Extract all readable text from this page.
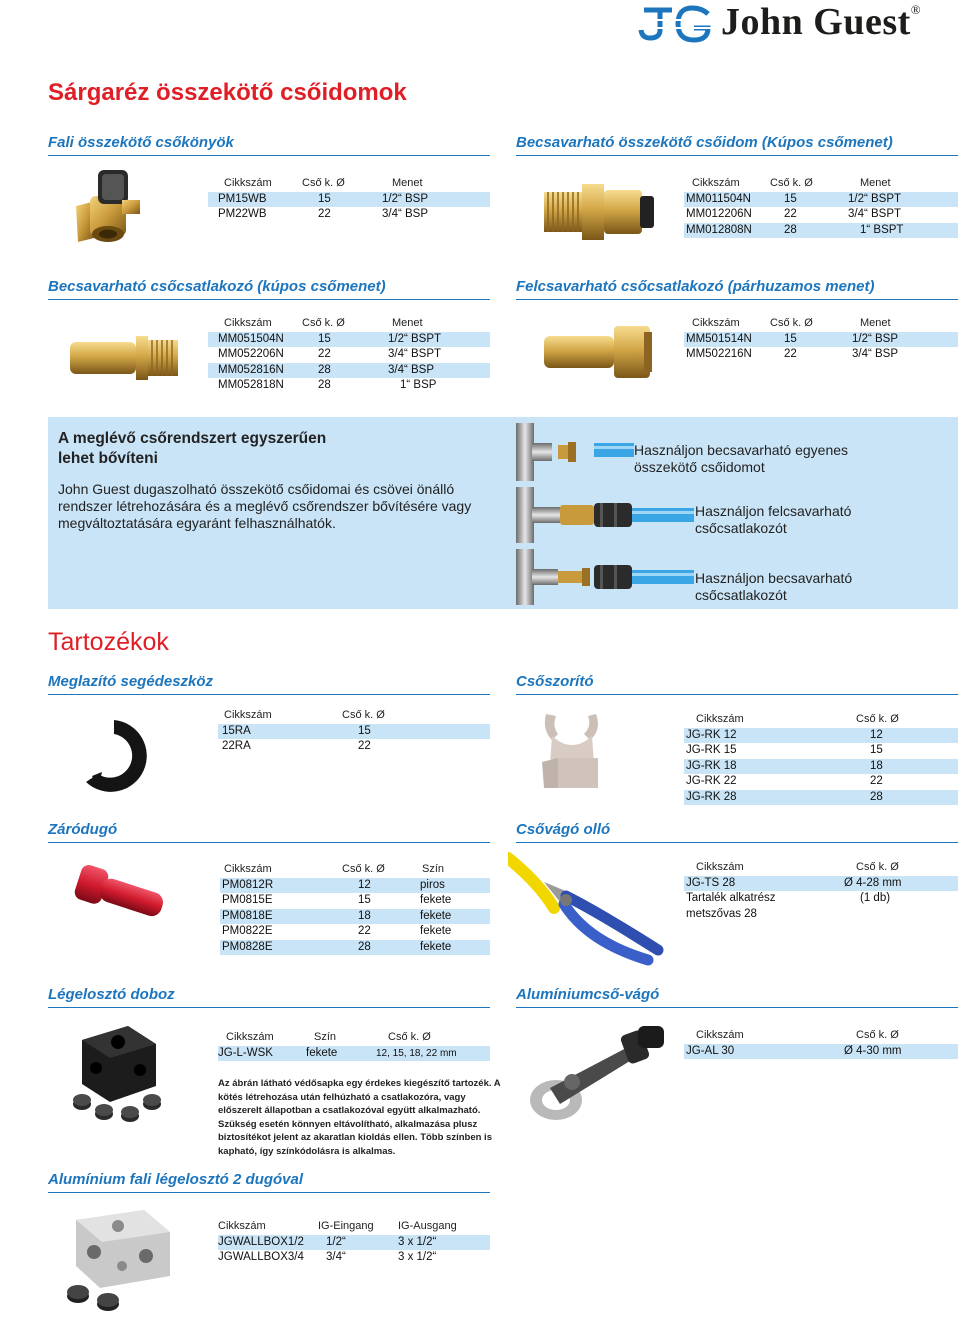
John Guest®
Sárgaréz összekötő csőidomok
Fali összekötő csőkönyök
Cikkszám	Cső k. Ø	Menet
PM15WB	15	1/2“ BSP
PM22WB	22	3/4“ BSP
Becsavarható összekötő csőidom (Kúpos csőmenet)
Cikkszám	Cső k. Ø	Menet
MM011504N	15	1/2“ BSPT
MM012206N	22	3/4“ BSPT
MM012808N	28	1“ BSPT
Becsavarható csőcsatlakozó (kúpos csőmenet)
Cikkszám	Cső k. Ø	Menet
MM051504N	15	1/2“ BSPT
MM052206N	22	3/4“ BSPT
MM052816N	28	3/4“ BSP
MM052818N	28	1“ BSP
Felcsavarható csőcsatlakozó (párhuzamos menet)
Cikkszám	Cső k. Ø	Menet
MM501514N	15	1/2“ BSP
MM502216N	22	3/4“ BSP
A meglévő csőrendszert egyszerűen
lehet bővíteni
John Guest dugaszolható összekötő csőidomai és csövei önálló rendszer létrehozására és a meglévő csőrendszer bővítésére vagy megváltoztatására egyaránt felhasználhatók.
Használjon becsavarható egyenes
összekötő csőidomot
Használjon felcsavarható
csőcsatlakozót
Használjon becsavarható
csőcsatlakozót
Tartozékok
Meglazító segédeszköz
Cikkszám	Cső k. Ø
15RA	15
22RA	22
Csőszorító
Cikkszám	Cső k. Ø
JG-RK 12	12
JG-RK 15	15
JG-RK 18	18
JG-RK 22	22
JG-RK 28	28
Záródugó
Cikkszám	Cső k. Ø	Szín
PM0812R	12	piros
PM0815E	15	fekete
PM0818E	18	fekete
PM0822E	22	fekete
PM0828E	28	fekete
Csővágó olló
Cikkszám	Cső k. Ø
JG-TS 28	Ø 4-28 mm
Tartalék alkatrész	(1 db)
metszővas 28
Légelosztó doboz
Cikkszám	Szín	Cső k. Ø
JG-L-WSK	fekete	12, 15, 18, 22 mm
Az ábrán látható védősapka egy érdekes kiegészítő tartozék. A kötés létrehozása után felhúzható a csatlakozóra, vagy előszerelt állapotban a csatlakozóval együtt alkalmazható. Szükség esetén könnyen eltávolítható, alkalmazása plusz biztosítékot jelent az akaratlan kioldás ellen. Több színben is kapható, így színkódolásra is alkalmas.
Alumíniumcső-vágó
Cikkszám	Cső k. Ø
JG-AL 30	Ø 4-30 mm
Alumínium fali légelosztó 2 dugóval
Cikkszám	IG-Eingang	IG-Ausgang
JGWALLBOX1/2	1/2“	3 x 1/2“
JGWALLBOX3/4	3/4“	3 x 1/2“
